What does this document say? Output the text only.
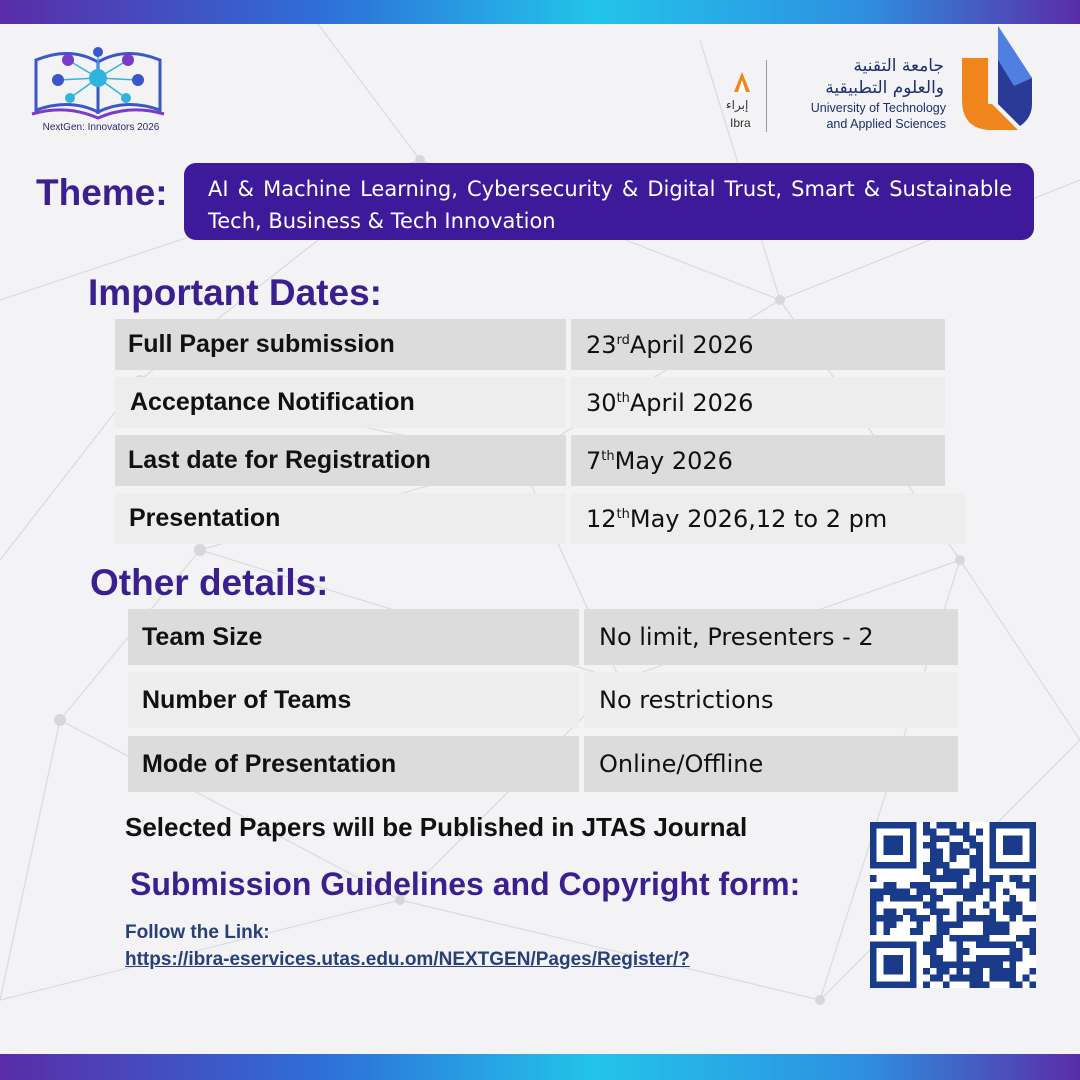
NextGen: Innovators 2026
إبراء
Ibra
جامعة التقنية
والعلوم التطبيقية
University of Technology
and Applied Sciences
Theme:	AI & Machine Learning, Cybersecurity & Digital Trust, Smart & Sustainable Tech, Business & Tech Innovation
Important Dates:
Full Paper submission	23rd April 2026
Acceptance Notification	30th April 2026
Last date for Registration	7th May 2026
Presentation	12th May 2026,12 to 2 pm
Other details:
Team Size	No limit, Presenters - 2
Number of Teams	No restrictions
Mode of Presentation	Online/Offline
Selected Papers will be Published in JTAS Journal
Submission Guidelines and Copyright form:
Follow the Link:
https://ibra-eservices.utas.edu.om/NEXTGEN/Pages/Register/?
